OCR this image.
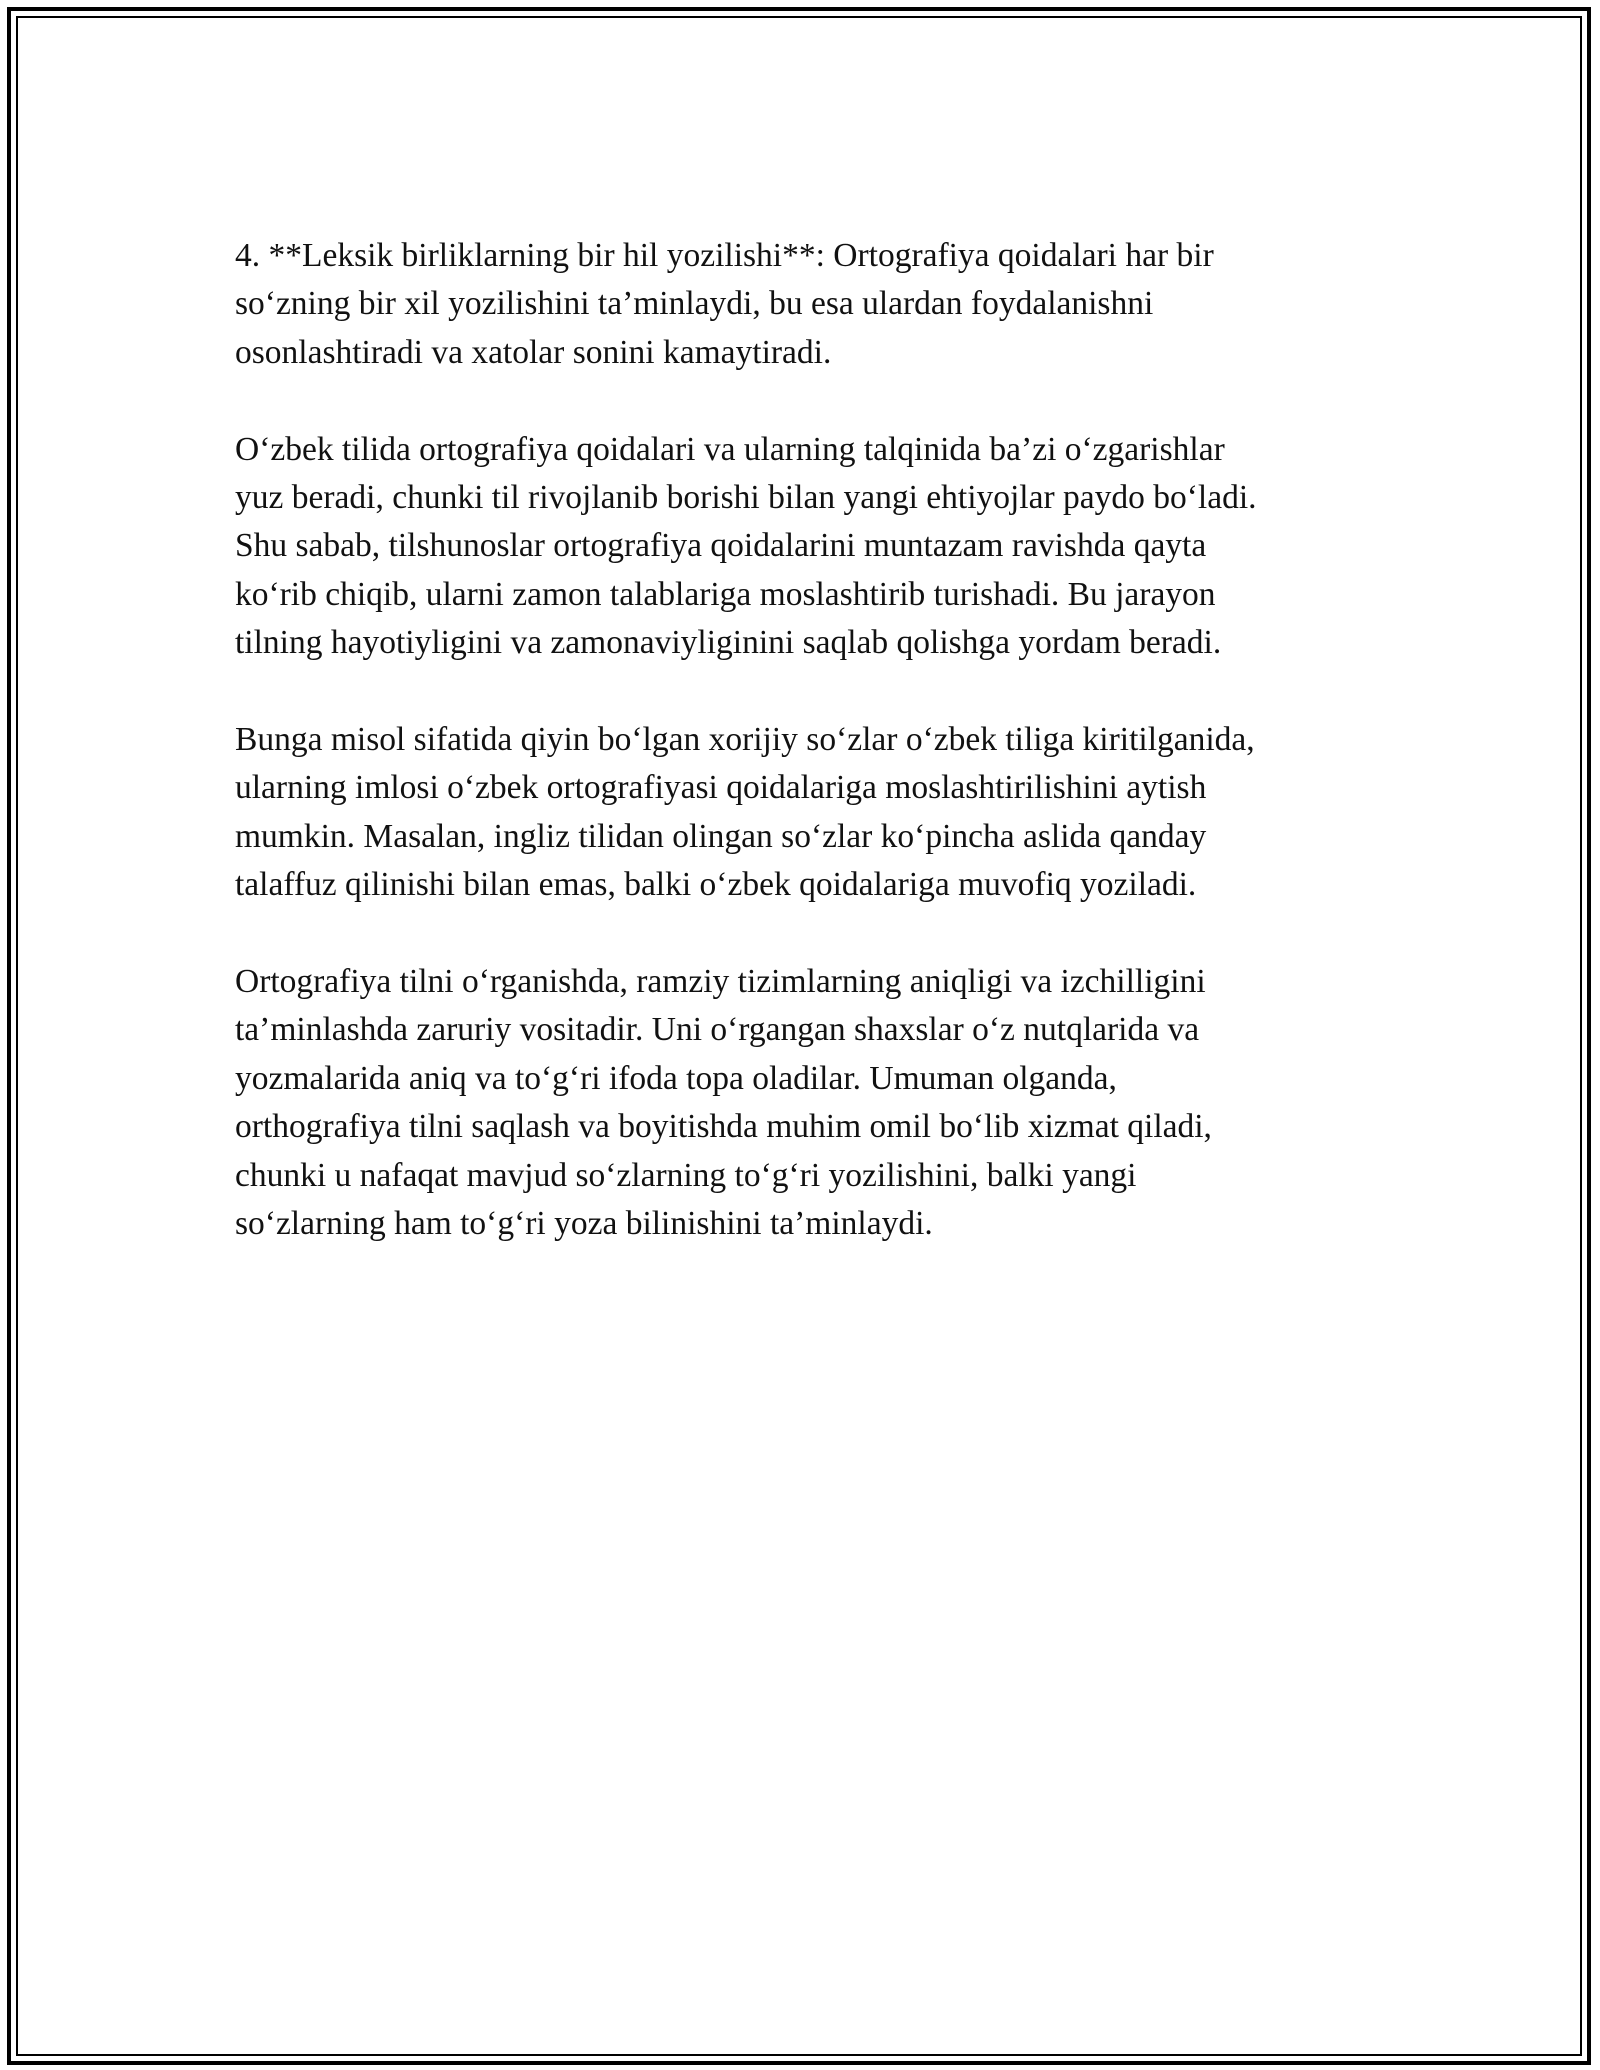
4. **Leksik birliklarning bir hil yozilishi**: Ortografiya qoidalari har bir
so‘zning bir xil yozilishini ta’minlaydi, bu esa ulardan foydalanishni
osonlashtiradi va xatolar sonini kamaytiradi.

O‘zbek tilida ortografiya qoidalari va ularning talqinida ba’zi o‘zgarishlar
yuz beradi, chunki til rivojlanib borishi bilan yangi ehtiyojlar paydo bo‘ladi.
Shu sabab, tilshunoslar ortografiya qoidalarini muntazam ravishda qayta
ko‘rib chiqib, ularni zamon talablariga moslashtirib turishadi. Bu jarayon
tilning hayotiyligini va zamonaviyliginini saqlab qolishga yordam beradi.

Bunga misol sifatida qiyin bo‘lgan xorijiy so‘zlar o‘zbek tiliga kiritilganida,
ularning imlosi o‘zbek ortografiyasi qoidalariga moslashtirilishini aytish
mumkin. Masalan, ingliz tilidan olingan so‘zlar ko‘pincha aslida qanday
talaffuz qilinishi bilan emas, balki o‘zbek qoidalariga muvofiq yoziladi.

Ortografiya tilni o‘rganishda, ramziy tizimlarning aniqligi va izchilligini
ta’minlashda zaruriy vositadir. Uni o‘rgangan shaxslar o‘z nutqlarida va
yozmalarida aniq va to‘g‘ri ifoda topa oladilar. Umuman olganda,
orthografiya tilni saqlash va boyitishda muhim omil bo‘lib xizmat qiladi,
chunki u nafaqat mavjud so‘zlarning to‘g‘ri yozilishini, balki yangi
so‘zlarning ham to‘g‘ri yoza bilinishini ta’minlaydi.
